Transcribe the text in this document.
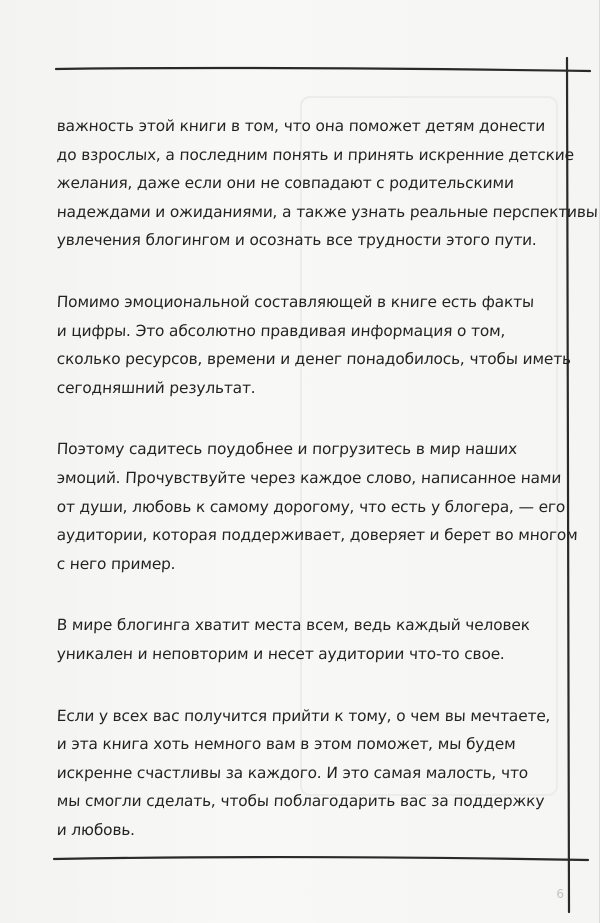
важность этой книги в том, что она поможет детям донести
до взрослых, а последним понять и принять искренние детские
желания, даже если они не совпадают с родительскими
надеждами и ожиданиями, а также узнать реальные перспективы
увлечения блогингом и осознать все трудности этого пути.

Помимо эмоциональной составляющей в книге есть факты
и цифры. Это абсолютно правдивая информация о том,
сколько ресурсов, времени и денег понадобилось, чтобы иметь
сегодняшний результат.

Поэтому садитесь поудобнее и погрузитесь в мир наших
эмоций. Прочувствуйте через каждое слово, написанное нами
от души, любовь к самому дорогому, что есть у блогера, — его
аудитории, которая поддерживает, доверяет и берет во многом
с него пример.

В мире блогинга хватит места всем, ведь каждый человек
уникален и неповторим и несет аудитории что-то свое.

Если у всех вас получится прийти к тому, о чем вы мечтаете,
и эта книга хоть немного вам в этом поможет, мы будем
искренне счастливы за каждого. И это самая малость, что
мы смогли сделать, чтобы поблагодарить вас за поддержку
и любовь.

6
